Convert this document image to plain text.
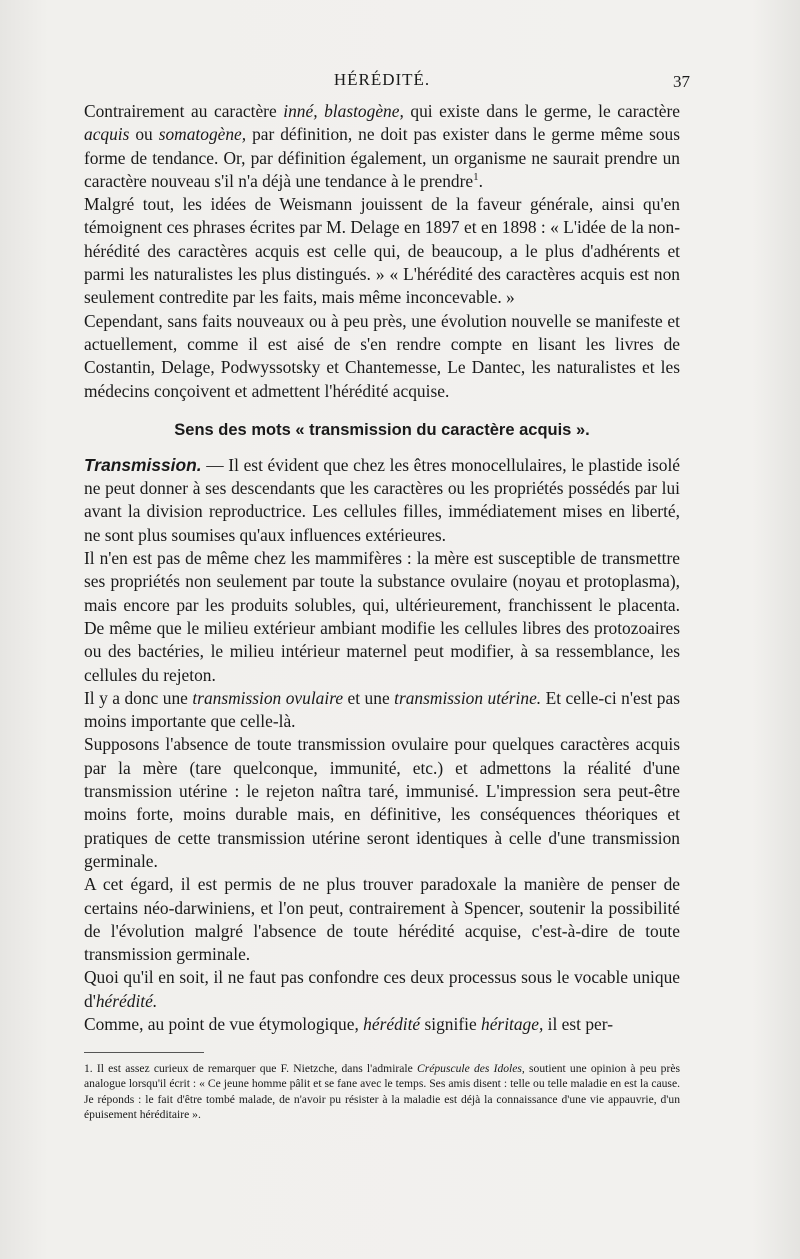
HÉRÉDITÉ.	37

Contrairement au caractère inné, blastogène, qui existe dans le germe, le caractère acquis ou somatogène, par définition, ne doit pas exister dans le germe même sous forme de tendance. Or, par définition également, un organisme ne saurait prendre un caractère nouveau s'il n'a déjà une tendance à le prendre$^1$.

Malgré tout, les idées de Weismann jouissent de la faveur générale, ainsi qu'en témoignent ces phrases écrites par M. Delage en 1897 et en 1898 : « L'idée de la non-hérédité des caractères acquis est celle qui, de beaucoup, a le plus d'adhérents et parmi les naturalistes les plus distingués. » « L'hérédité des caractères acquis est non seulement contredite par les faits, mais même inconcevable. »

Cependant, sans faits nouveaux ou à peu près, une évolution nouvelle se manifeste et actuellement, comme il est aisé de s'en rendre compte en lisant les livres de Costantin, Delage, Podwyssotsky et Chantemesse, Le Dantec, les naturalistes et les médecins conçoivent et admettent l'hérédité acquise.

Sens des mots « transmission du caractère acquis ».

Transmission. — Il est évident que chez les êtres monocellulaires, le plastide isolé ne peut donner à ses descendants que les caractères ou les propriétés possédés par lui avant la division reproductrice. Les cellules filles, immédiatement mises en liberté, ne sont plus soumises qu'aux influences extérieures.

Il n'en est pas de même chez les mammifères : la mère est susceptible de transmettre ses propriétés non seulement par toute la substance ovulaire (noyau et protoplasma), mais encore par les produits solubles, qui, ultérieurement, franchissent le placenta. De même que le milieu extérieur ambiant modifie les cellules libres des protozoaires ou des bactéries, le milieu intérieur maternel peut modifier, à sa ressemblance, les cellules du rejeton.

Il y a donc une transmission ovulaire et une transmission utérine. Et celle-ci n'est pas moins importante que celle-là.

Supposons l'absence de toute transmission ovulaire pour quelques caractères acquis par la mère (tare quelconque, immunité, etc.) et admettons la réalité d'une transmission utérine : le rejeton naîtra taré, immunisé. L'impression sera peut-être moins forte, moins durable mais, en définitive, les conséquences théoriques et pratiques de cette transmission utérine seront identiques à celle d'une transmission germinale.

A cet égard, il est permis de ne plus trouver paradoxale la manière de penser de certains néo-darwiniens, et l'on peut, contrairement à Spencer, soutenir la possibilité de l'évolution malgré l'absence de toute hérédité acquise, c'est-à-dire de toute transmission germinale.

Quoi qu'il en soit, il ne faut pas confondre ces deux processus sous le vocable unique d'hérédité.

Comme, au point de vue étymologique, hérédité signifie héritage, il est per-

1. Il est assez curieux de remarquer que F. Nietzche, dans l'admirale Crépuscule des Idoles, soutient une opinion à peu près analogue lorsqu'il écrit : « Ce jeune homme pâlit et se fane avec le temps. Ses amis disent : telle ou telle maladie en est la cause. Je réponds : le fait d'être tombé malade, de n'avoir pu résister à la maladie est déjà la connaissance d'une vie appauvrie, d'un épuisement héréditaire ».
